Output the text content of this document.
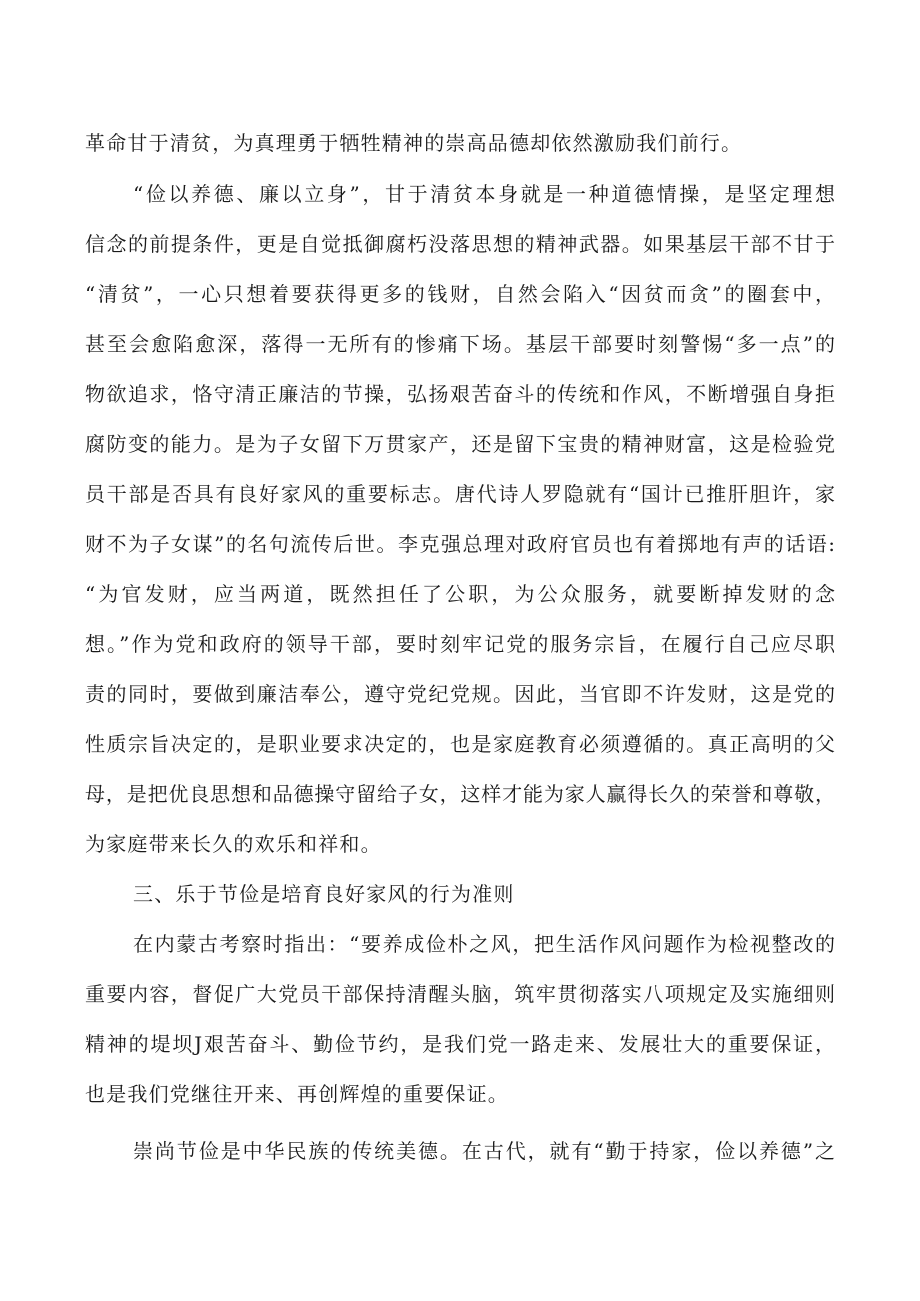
革命甘于清贫，为真理勇于牺牲精神的崇高品德却依然激励我们前行。
“俭以养德、廉以立身”，甘于清贫本身就是一种道德情操，是坚定理想
信念的前提条件，更是自觉抵御腐朽没落思想的精神武器。如果基层干部不甘于
“清贫”，一心只想着要获得更多的钱财，自然会陷入“因贫而贪”的圈套中，
甚至会愈陷愈深，落得一无所有的惨痛下场。基层干部要时刻警惕“多一点”的
物欲追求，恪守清正廉洁的节操，弘扬艰苦奋斗的传统和作风，不断增强自身拒
腐防变的能力。是为子女留下万贯家产，还是留下宝贵的精神财富，这是检验党
员干部是否具有良好家风的重要标志。唐代诗人罗隐就有“国计已推肝胆许，家
财不为子女谋”的名句流传后世。李克强总理对政府官员也有着掷地有声的话语:
“为官发财，应当两道，既然担任了公职，为公众服务，就要断掉发财的念
想。”作为党和政府的领导干部，要时刻牢记党的服务宗旨，在履行自己应尽职
责的同时，要做到廉洁奉公，遵守党纪党规。因此，当官即不许发财，这是党的
性质宗旨决定的，是职业要求决定的，也是家庭教育必须遵循的。真正高明的父
母，是把优良思想和品德操守留给子女，这样才能为家人赢得长久的荣誉和尊敬，
为家庭带来长久的欢乐和祥和。
三、乐于节俭是培育良好家风的行为准则
在内蒙古考察时指出：“要养成俭朴之风，把生活作风问题作为检视整改的
重要内容，督促广大党员干部保持清醒头脑，筑牢贯彻落实八项规定及实施细则
精神的堤坝J艰苦奋斗、勤俭节约，是我们党一路走来、发展壮大的重要保证，
也是我们党继往开来、再创辉煌的重要保证。
崇尚节俭是中华民族的传统美德。在古代，就有“勤于持家，俭以养德”之
